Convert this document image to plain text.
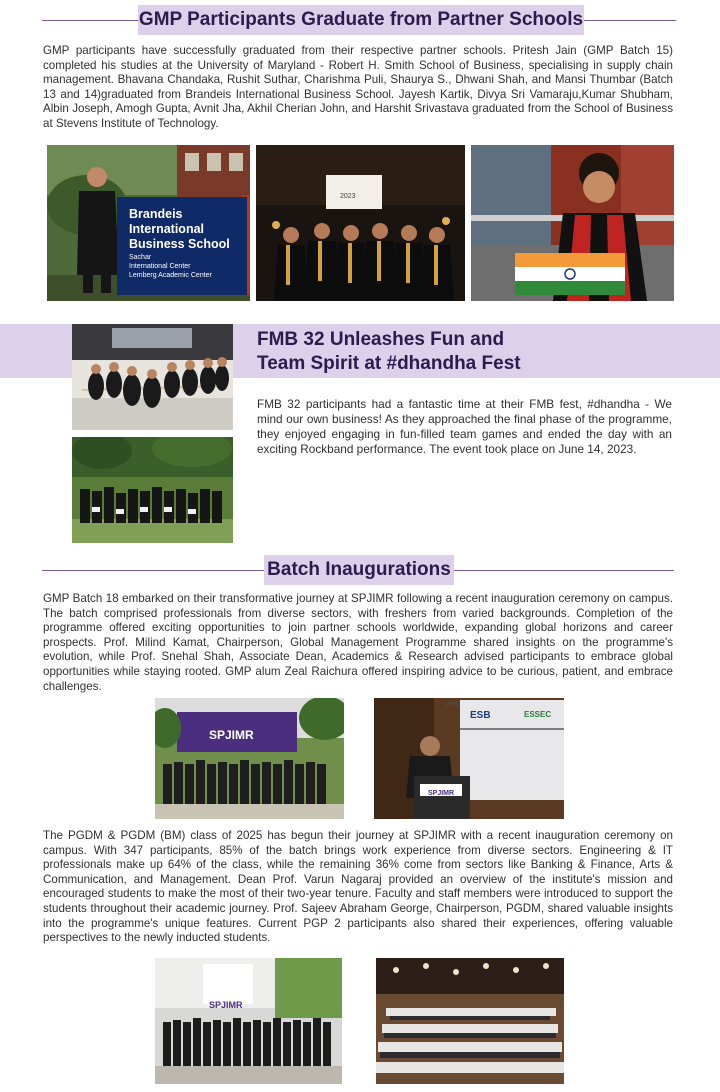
GMP Participants Graduate from Partner Schools
GMP participants have successfully graduated from their respective partner schools. Pritesh Jain (GMP Batch 15) completed his studies at the University of Maryland - Robert H. Smith School of Business, specialising in supply chain management. Bhavana Chandaka, Rushit Suthar, Charishma Puli, Shaurya S., Dhwani Shah, and Mansi Thumbar (Batch 13 and 14)graduated from Brandeis International Business School. Jayesh Kartik, Divya Sri Vamaraju,Kumar Shubham, Albin Joseph, Amogh Gupta, Avnit Jha, Akhil Cherian John, and Harshit Srivastava graduated from the School of Business at Stevens Institute of Technology.
Brandeis
International
Business School
Sachar
International Center
Lemberg Academic Center
2023
FMB 32 Unleashes Fun and
Team Spirit at #dhandha Fest
FMB 32 participants had a fantastic time at their FMB fest, #dhandha - We mind our own business! As they approached the final phase of the programme, they enjoyed engaging in fun-filled team games and ended the day with an exciting Rockband performance. The event took place on June 14, 2023.
Batch Inaugurations
GMP Batch 18 embarked on their transformative journey at SPJIMR following a recent inauguration ceremony on campus. The batch comprised professionals from diverse sectors, with freshers from varied backgrounds. Completion of the programme offered exciting opportunities to join partner schools worldwide, expanding global horizons and career prospects. Prof. Milind Kamat, Chairperson, Global Management Programme shared insights on the programme's evolution, while Prof. Snehal Shah, Associate Dean, Academics & Research advised participants to embrace global opportunities while staying rooted. GMP alum Zeal Raichura offered inspiring advice to be curious, patient, and embrace challenges.
SPJIMR
2018
ESB	ESSEC
SPJIMR
The PGDM & PGDM (BM) class of 2025 has begun their journey at SPJIMR with a recent inauguration ceremony on campus. With 347 participants, 85% of the batch brings work experience from diverse sectors. Engineering & IT professionals make up 64% of the class, while the remaining 36% come from sectors like Banking & Finance, Arts & Communication, and Management. Dean Prof. Varun Nagaraj provided an overview of the institute's mission and encouraged students to make the most of their two-year tenure. Faculty and staff members were introduced to support the students throughout their academic journey. Prof. Sajeev Abraham George, Chairperson, PGDM, shared valuable insights into the programme's unique features. Current PGP 2 participants also shared their experiences, offering valuable perspectives to the newly inducted students.
SPJIMR
